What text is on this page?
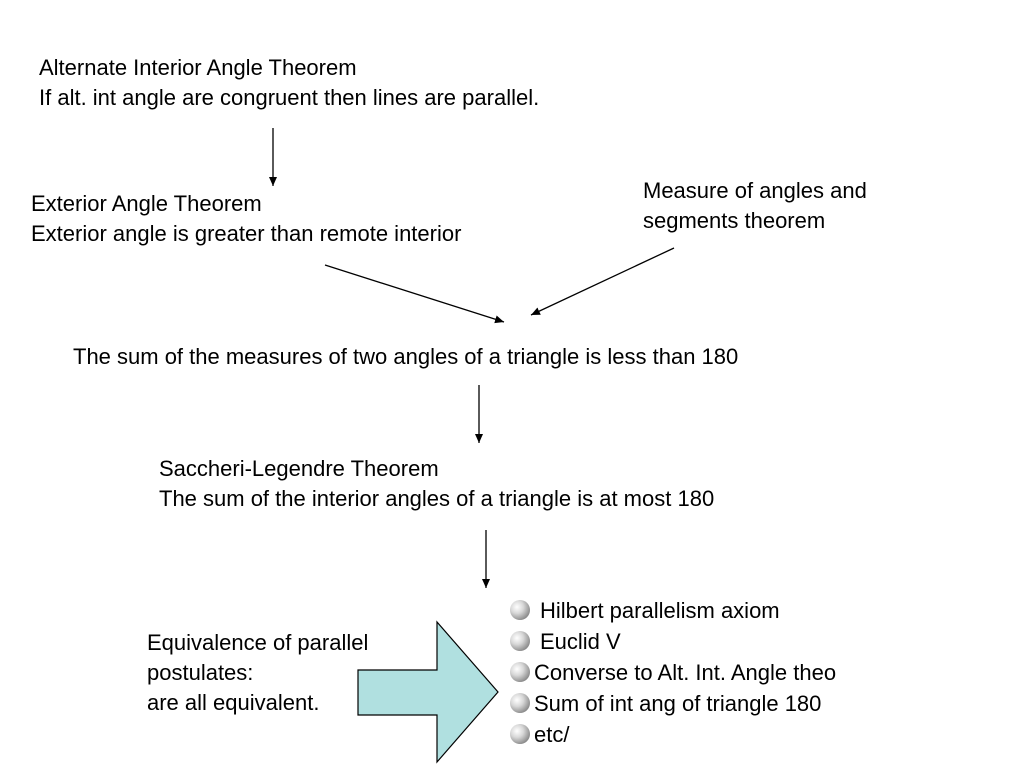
Alternate Interior Angle Theorem
If alt. int angle are congruent then lines are parallel.
Exterior Angle Theorem
Exterior angle is greater than remote interior
Measure of angles and
segments theorem
The sum of the measures of two angles of a triangle is less than 180
Saccheri-Legendre Theorem
The sum of the interior angles of a triangle is at most 180
Equivalence of parallel
postulates:
are all equivalent.
Hilbert parallelism axiom
Euclid V
Converse to Alt. Int. Angle theo
Sum of int ang of triangle 180
etc/
